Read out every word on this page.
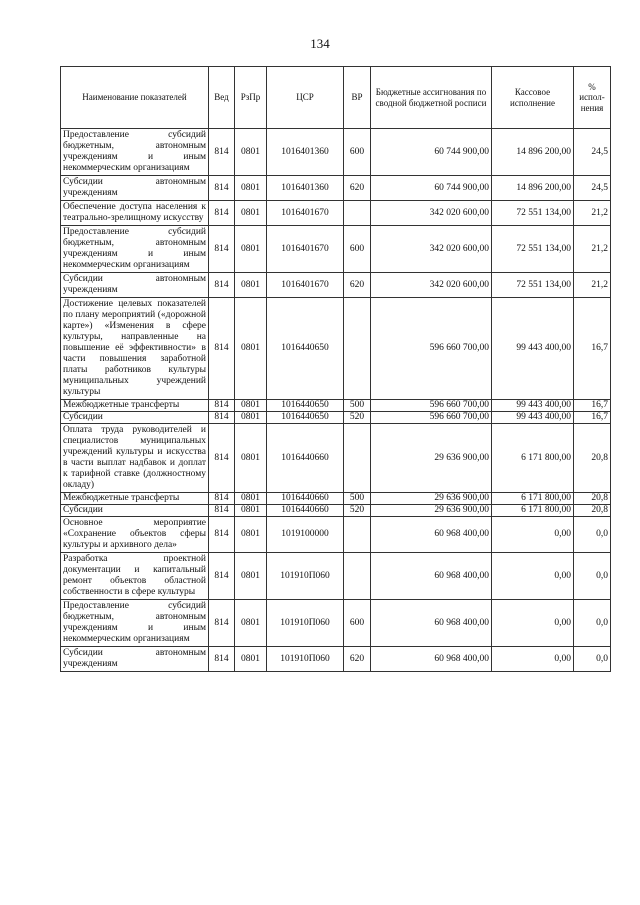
134
Наименование показателей	Вед	РзПр	ЦСР	ВР	Бюджетные ассигнования по сводной бюджетной росписи	Кассовое исполнение	% испол-нения
Предоставление субсидий бюджетным, автономным учреждениям и иным некоммерческим организациям	814	0801	1016401360	600	60 744 900,00	14 896 200,00	24,5
Субсидии автономным учреждениям	814	0801	1016401360	620	60 744 900,00	14 896 200,00	24,5
Обеспечение доступа населения к театрально-зрелищному искусству	814	0801	1016401670		342 020 600,00	72 551 134,00	21,2
Предоставление субсидий бюджетным, автономным учреждениям и иным некоммерческим организациям	814	0801	1016401670	600	342 020 600,00	72 551 134,00	21,2
Субсидии автономным учреждениям	814	0801	1016401670	620	342 020 600,00	72 551 134,00	21,2
Достижение целевых показателей по плану мероприятий («дорожной карте») «Изменения в сфере культуры, направленные на повышение её эффективности» в части повышения заработной платы работников культуры муниципальных учреждений культуры	814	0801	1016440650		596 660 700,00	99 443 400,00	16,7
Межбюджетные трансферты	814	0801	1016440650	500	596 660 700,00	99 443 400,00	16,7
Субсидии	814	0801	1016440650	520	596 660 700,00	99 443 400,00	16,7
Оплата труда руководителей и специалистов муниципальных учреждений культуры и искусства в части выплат надбавок и доплат к тарифной ставке (должностному окладу)	814	0801	1016440660		29 636 900,00	6 171 800,00	20,8
Межбюджетные трансферты	814	0801	1016440660	500	29 636 900,00	6 171 800,00	20,8
Субсидии	814	0801	1016440660	520	29 636 900,00	6 171 800,00	20,8
Основное мероприятие «Сохранение объектов сферы культуры и архивного дела»	814	0801	1019100000		60 968 400,00	0,00	0,0
Разработка проектной документации и капитальный ремонт объектов областной собственности в сфере культуры	814	0801	101910П060		60 968 400,00	0,00	0,0
Предоставление субсидий бюджетным, автономным учреждениям и иным некоммерческим организациям	814	0801	101910П060	600	60 968 400,00	0,00	0,0
Субсидии автономным учреждениям	814	0801	101910П060	620	60 968 400,00	0,00	0,0
